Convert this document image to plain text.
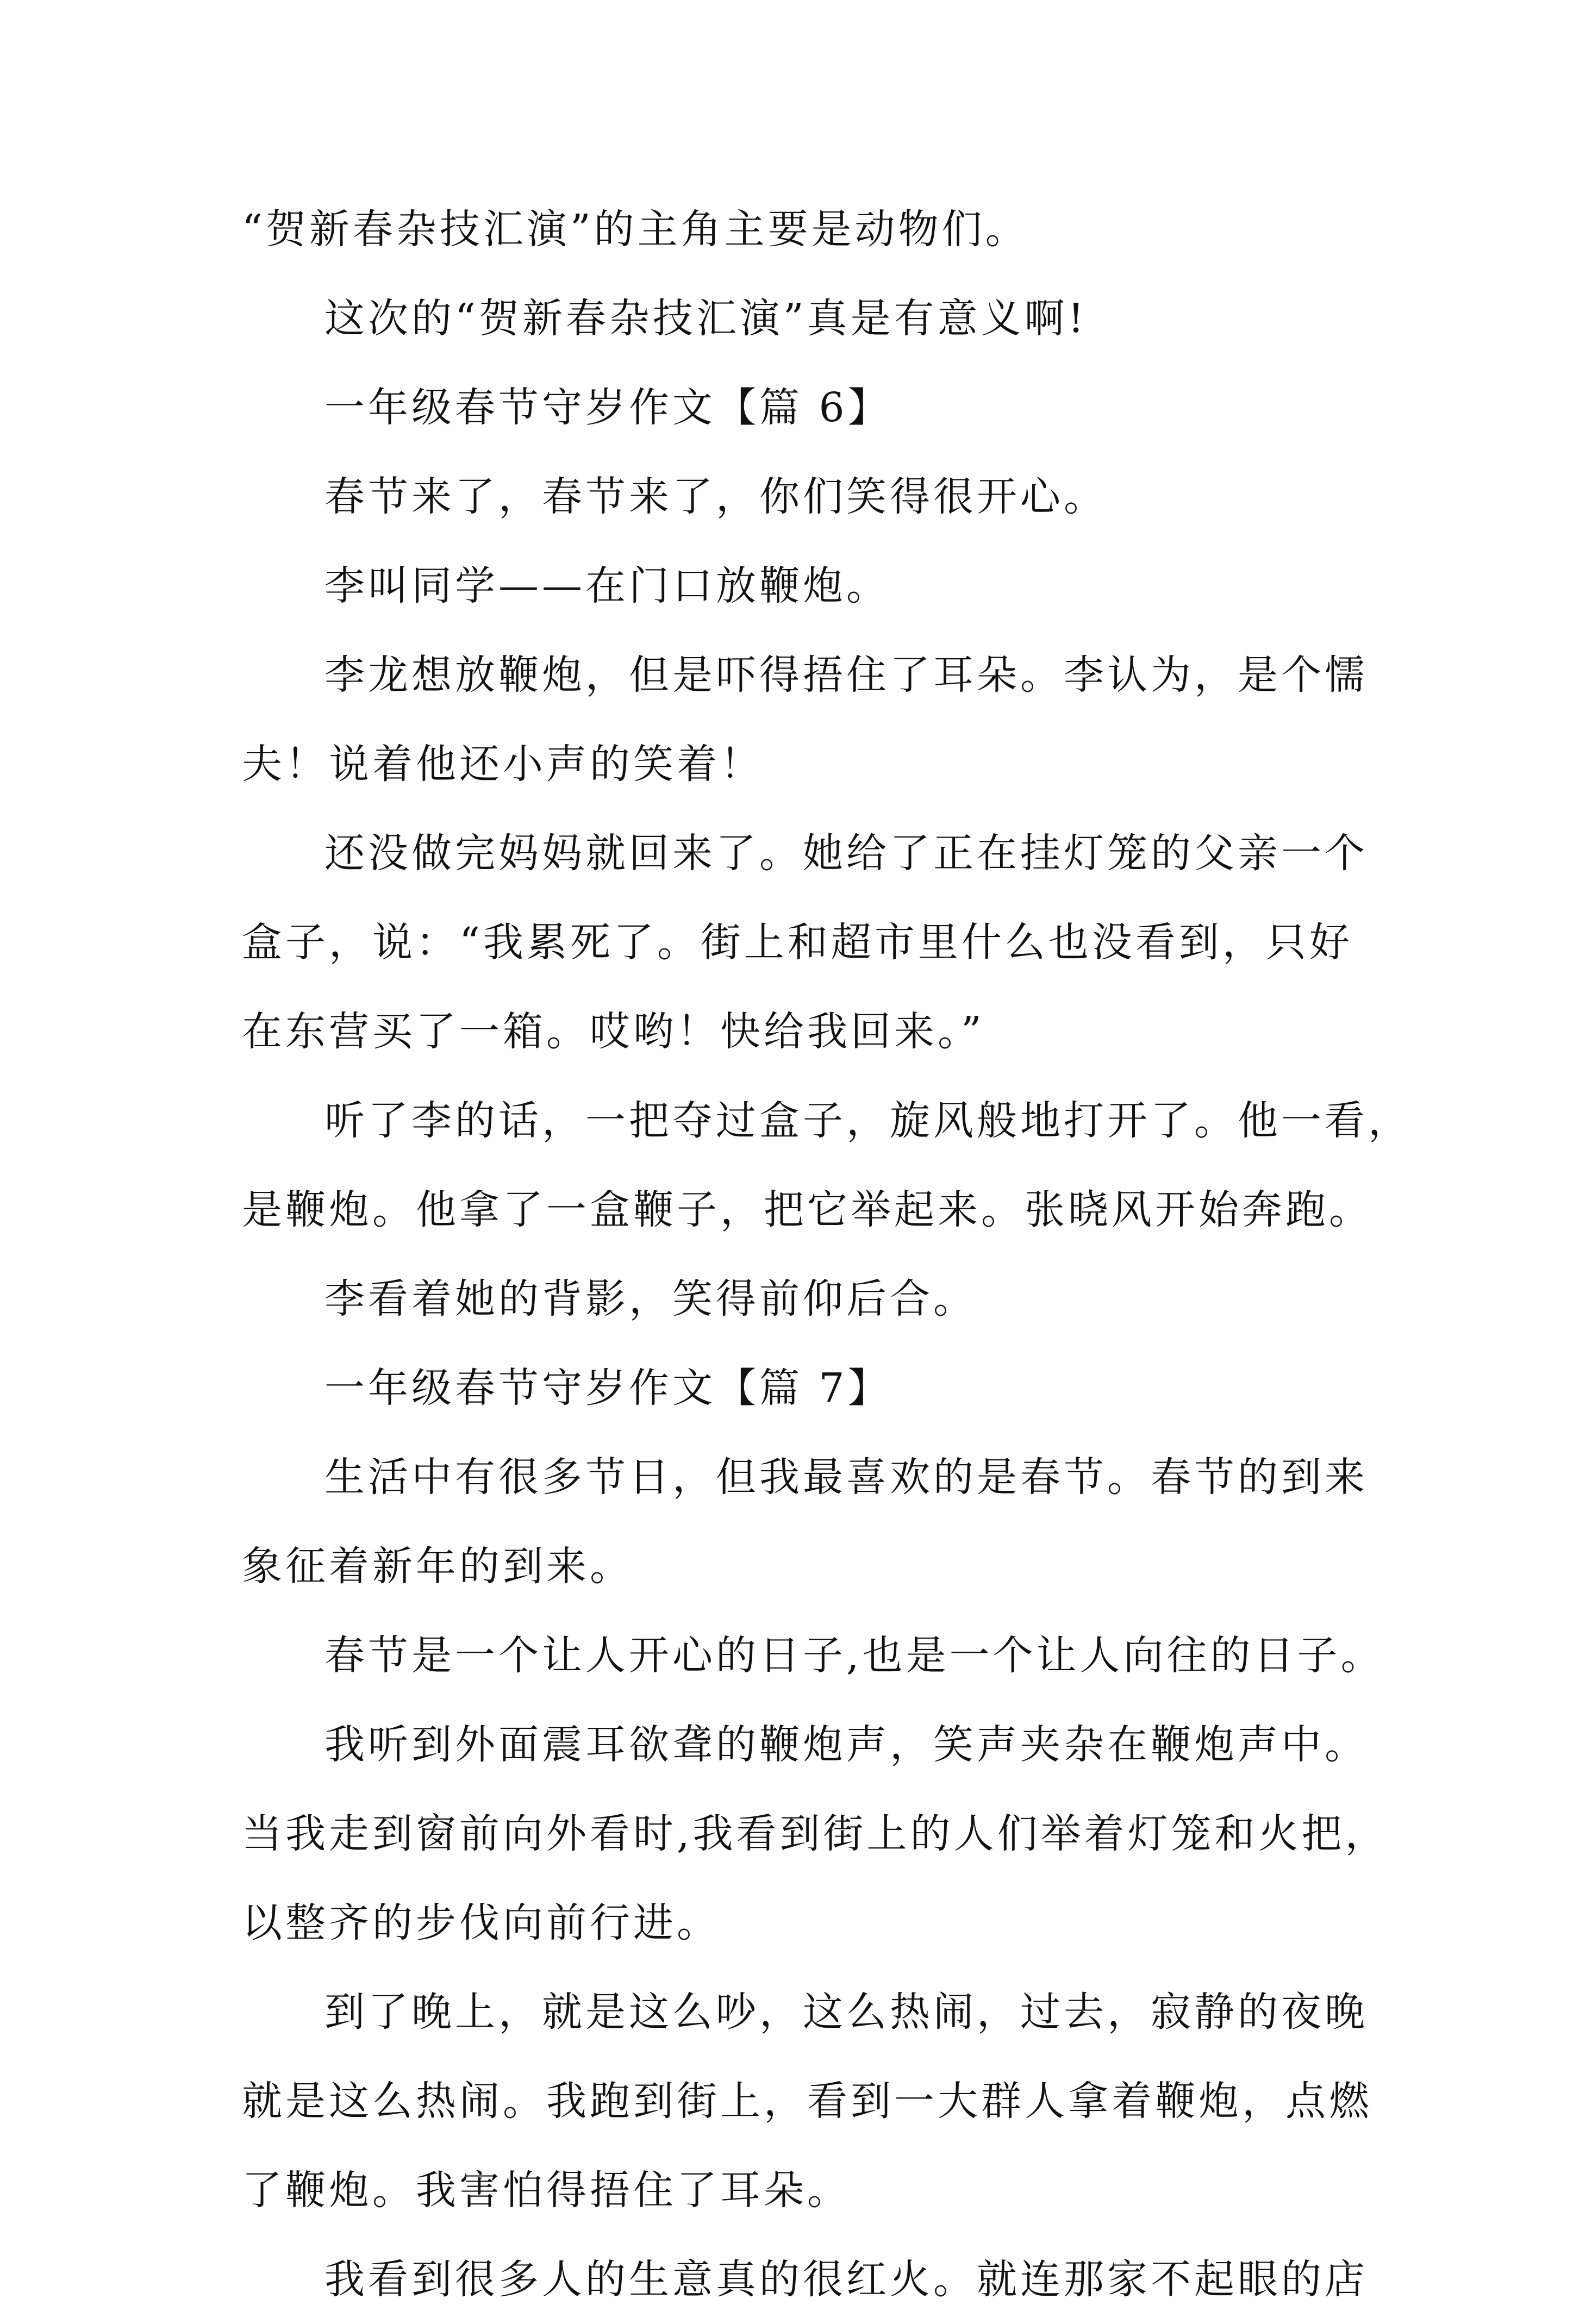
“贺新春杂技汇演”的主角主要是动物们。
这次的“贺新春杂技汇演”真是有意义啊!
一年级春节守岁作文【篇 6】
春节来了，春节来了，你们笑得很开心。
李叫同学——在门口放鞭炮。
李龙想放鞭炮，但是吓得捂住了耳朵。李认为，是个懦
夫！说着他还小声的笑着！
还没做完妈妈就回来了。她给了正在挂灯笼的父亲一个
盒子，说：“我累死了。街上和超市里什么也没看到，只好
在东营买了一箱。哎哟！快给我回来。”
听了李的话，一把夺过盒子，旋风般地打开了。他一看，
是鞭炮。他拿了一盒鞭子，把它举起来。张晓风开始奔跑。
李看着她的背影，笑得前仰后合。
一年级春节守岁作文【篇 7】
生活中有很多节日，但我最喜欢的是春节。春节的到来
象征着新年的到来。
春节是一个让人开心的日子,也是一个让人向往的日子。
我听到外面震耳欲聋的鞭炮声，笑声夹杂在鞭炮声中。
当我走到窗前向外看时,我看到街上的人们举着灯笼和火把，
以整齐的步伐向前行进。
到了晚上，就是这么吵，这么热闹，过去，寂静的夜晚
就是这么热闹。我跑到街上，看到一大群人拿着鞭炮，点燃
了鞭炮。我害怕得捂住了耳朵。
我看到很多人的生意真的很红火。就连那家不起眼的店
